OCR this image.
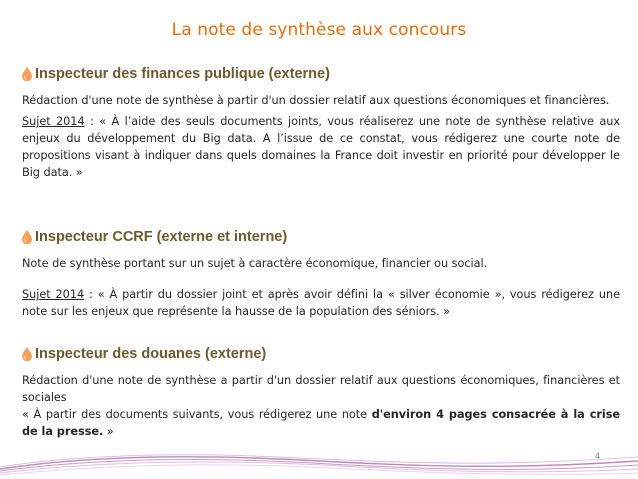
La note de synthèse aux concours
Inspecteur des finances publique (externe)

Rédaction d'une note de synthèse à partir d'un dossier relatif aux questions économiques et financières.

Sujet 2014 : « À l’aide des seuls documents joints, vous réaliserez une note de synthèse relative aux enjeux du développement du Big data. A l’issue de ce constat, vous rédigerez une courte note de propositions visant à indiquer dans quels domaines la France doit investir en priorité pour développer le Big data. »

Inspecteur CCRF (externe et interne)

Note de synthèse portant sur un sujet à caractère économique, financier ou social.

Sujet 2014 : « À partir du dossier joint et après avoir défini la « silver économie », vous rédigerez une note sur les enjeux que représente la hausse de la population des séniors. »

Inspecteur des douanes (externe)

Rédaction d'une note de synthèse a partir d'un dossier relatif aux questions économiques, financières et sociales

« À partir des documents suivants, vous rédigerez une note d'environ 4 pages consacrée à la crise de la presse. »

4
